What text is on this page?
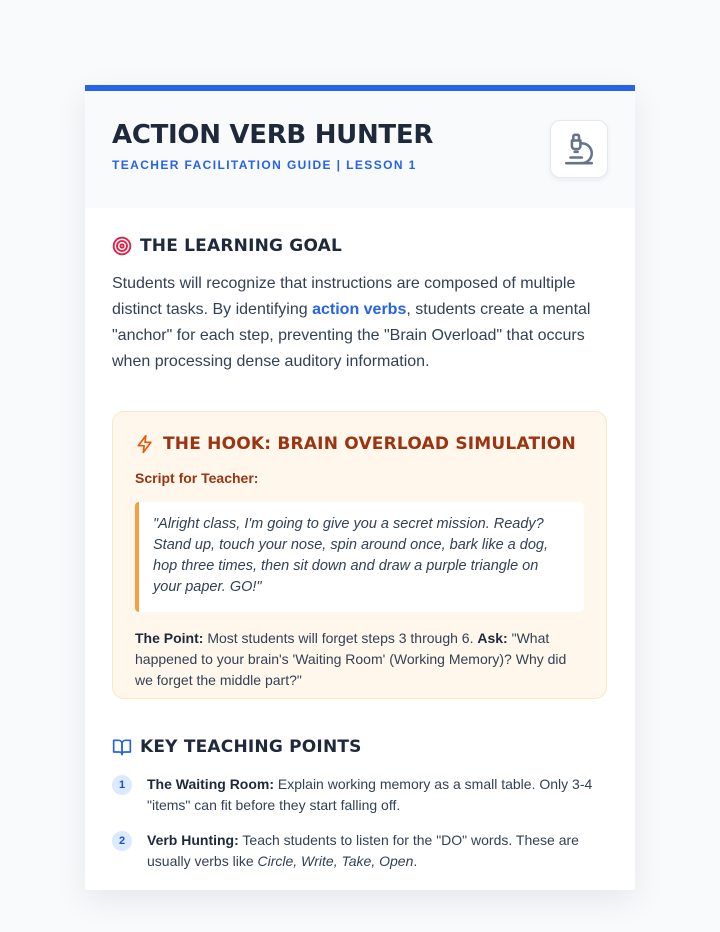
ACTION VERB HUNTER
TEACHER FACILITATION GUIDE | LESSON 1
THE LEARNING GOAL

Students will recognize that instructions are composed of multiple distinct tasks. By identifying action verbs, students create a mental "anchor" for each step, preventing the "Brain Overload" that occurs when processing dense auditory information.

THE HOOK: BRAIN OVERLOAD SIMULATION
Script for Teacher:
"Alright class, I'm going to give you a secret mission. Ready? Stand up, touch your nose, spin around once, bark like a dog, hop three times, then sit down and draw a purple triangle on your paper. GO!"

The Point: Most students will forget steps 3 through 6. Ask: "What happened to your brain's 'Waiting Room' (Working Memory)? Why did we forget the middle part?"

KEY TEACHING POINTS
1	The Waiting Room: Explain working memory as a small table. Only 3-4 "items" can fit before they start falling off.

2	Verb Hunting: Teach students to listen for the "DO" words. These are usually verbs like Circle, Write, Take, Open.
